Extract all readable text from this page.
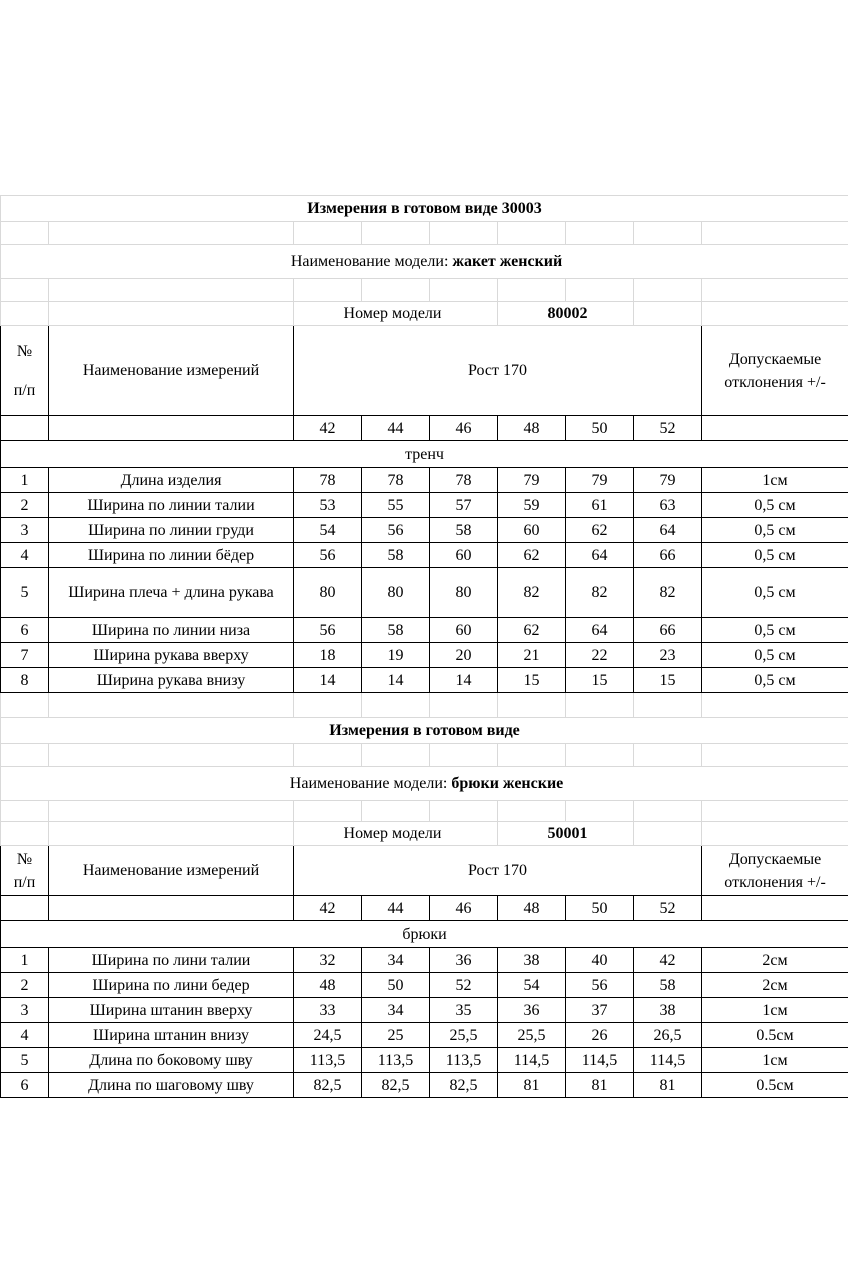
Измерения в готовом виде 30003								

Наименование модели: жакет женский								

		Номер модели			80002			

№
п/п	Наименование измерений	Рост 170						Допускаемые отклонения +/-

		42	44	46	48	50	52	
тренч								
1	Длина изделия	78	78	78	79	79	79	1см
2	Ширина по линии талии	53	55	57	59	61	63	0,5 см
3	Ширина по линии груди	54	56	58	60	62	64	0,5 см
4	Ширина по линии бёдер	56	58	60	62	64	66	0,5 см
5	Ширина плеча + длина рукава	80	80	80	82	82	82	0,5 см
6	Ширина по линии низа	56	58	60	62	64	66	0,5 см
7	Ширина рукава вверху	18	19	20	21	22	23	0,5 см
8	Ширина рукава внизу	14	14	14	15	15	15	0,5 см

Измерения в готовом виде								

Наименование модели: брюки женские								

		Номер модели			50001			

№
п/п	Наименование измерений	Рост 170						Допускаемые отклонения +/-

		42	44	46	48	50	52	
брюки								
1	Ширина по лини талии	32	34	36	38	40	42	2см
2	Ширина по лини бедер	48	50	52	54	56	58	2см
3	Ширина штанин вверху	33	34	35	36	37	38	1см
4	Ширина штанин внизу	24,5	25	25,5	25,5	26	26,5	0.5см
5	Длина по боковому шву	113,5	113,5	113,5	114,5	114,5	114,5	1см
6	Длина по шаговому шву	82,5	82,5	82,5	81	81	81	0.5см
